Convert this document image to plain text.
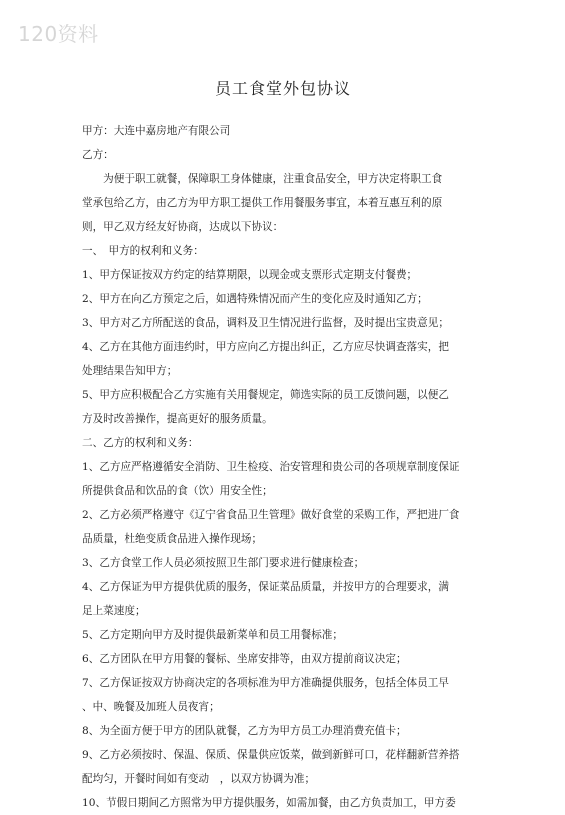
120资料
员工食堂外包协议
甲方：大连中嘉房地产有限公司
乙方：
　　为便于职工就餐，保障职工身体健康，注重食品安全，甲方决定将职工食
堂承包给乙方，由乙方为甲方职工提供工作用餐服务事宜，本着互惠互利的原
则，甲乙双方经友好协商，达成以下协议：
一、　甲方的权利和义务：
1、甲方保证按双方约定的结算期限，以现金或支票形式定期支付餐费；
2、甲方在向乙方预定之后，如遇特殊情况而产生的变化应及时通知乙方；
3、甲方对乙方所配送的食品，调料及卫生情况进行监督，及时提出宝贵意见；
4、乙方在其他方面违约时，甲方应向乙方提出纠正，乙方应尽快调查落实，把
处理结果告知甲方；
5、甲方应积极配合乙方实施有关用餐规定，筛选实际的员工反馈问题，以便乙
方及时改善操作，提高更好的服务质量。
二、乙方的权利和义务：
1、乙方应严格遵循安全消防、卫生检疫、治安管理和贵公司的各项规章制度保证
所提供食品和饮品的食（饮）用安全性；
2、乙方必须严格遵守《辽宁省食品卫生管理》做好食堂的采购工作，严把进厂食
品质量，杜绝变质食品进入操作现场；
3、乙方食堂工作人员必须按照卫生部门要求进行健康检查；
4、乙方保证为甲方提供优质的服务，保证菜品质量，并按甲方的合理要求，满
足上菜速度；
5、乙方定期向甲方及时提供最新菜单和员工用餐标准；
6、乙方团队在甲方用餐的餐标、坐席安排等，由双方提前商议决定；
7、乙方保证按双方协商决定的各项标准为甲方准确提供服务，包括全体员工早
、中、晚餐及加班人员夜宵；
8、为全面方便于甲方的团队就餐，乙方为甲方员工办理消费充值卡；
9、乙方必须按时、保温、保质、保量供应饭菜，做到新鲜可口，花样翻新营养搭
配均匀，开餐时间如有变动　，以双方协调为准；
10、节假日期间乙方照常为甲方提供服务，如需加餐，由乙方负责加工，甲方委
